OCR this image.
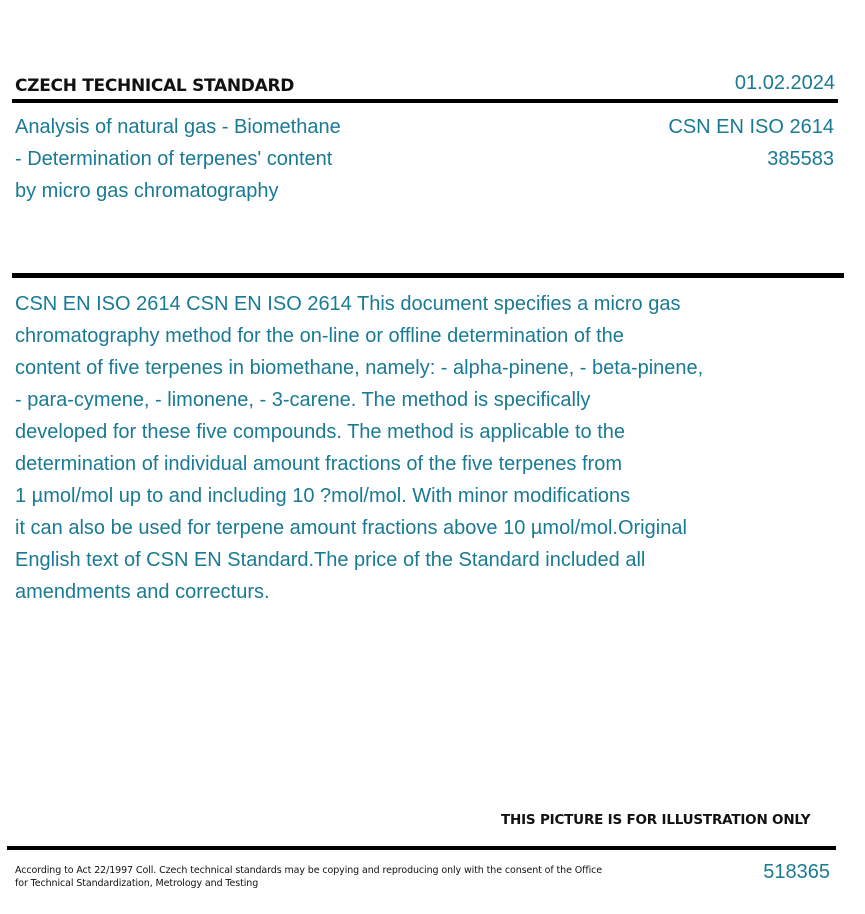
CZECH TECHNICAL STANDARD	01.02.2024
Analysis of natural gas - Biomethane
- Determination of terpenes' content
by micro gas chromatography
CSN EN ISO 2614
385583
CSN EN ISO 2614 CSN EN ISO 2614 This document specifies a micro gas
chromatography method for the on-line or offline determination of the
content of five terpenes in biomethane, namely: - alpha-pinene, - beta-pinene,
- para-cymene, - limonene, - 3-carene. The method is specifically
developed for these five compounds. The method is applicable to the
determination of individual amount fractions of the five terpenes from
1 µmol/mol up to and including 10 ?mol/mol. With minor modifications
it can also be used for terpene amount fractions above 10 µmol/mol.Original
English text of CSN EN Standard.The price of the Standard included all
amendments and correcturs.
THIS PICTURE IS FOR ILLUSTRATION ONLY
According to Act 22/1997 Coll. Czech technical standards may be copying and reproducing only with the consent of the Office
for Technical Standardization, Metrology and Testing
518365
